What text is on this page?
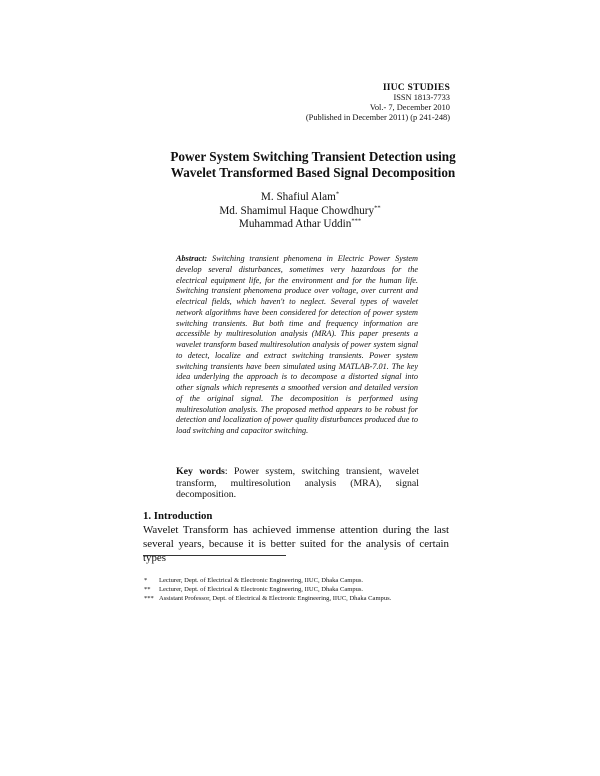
IIUC STUDIES
ISSN 1813-7733
Vol.- 7, December 2010
(Published in December 2011) (p 241-248)
Power System Switching Transient Detection using
Wavelet Transformed Based Signal Decomposition
M. Shafiul Alam*
Md. Shamimul Haque Chowdhury**
Muhammad Athar Uddin***
Abstract: Switching transient phenomena in Electric Power System develop several disturbances, sometimes very hazardous for the electrical equipment life, for the environment and for the human life. Switching transient phenomena produce over voltage, over current and electrical fields, which haven't to neglect. Several types of wavelet network algorithms have been considered for detection of power system switching transients. But both time and frequency information are accessible by multiresolution analysis (MRA). This paper presents a wavelet transform based multiresolution analysis of power system signal to detect, localize and extract switching transients. Power system switching transients have been simulated using MATLAB-7.01. The key idea underlying the approach is to decompose a distorted signal into other signals which represents a smoothed version and detailed version of the original signal. The decomposition is performed using multiresolution analysis. The proposed method appears to be robust for detection and localization of power quality disturbances produced due to load switching and capacitor switching.
Key words: Power system, switching transient, wavelet transform, multiresolution analysis (MRA), signal decomposition.
1. Introduction
Wavelet Transform has achieved immense attention during the last
several years, because it is better suited for the analysis of certain types
*	Lecturer, Dept. of Electrical & Electronic Engineering, IIUC, Dhaka Campus.
**	Lecturer, Dept. of Electrical & Electronic Engineering, IIUC, Dhaka Campus.
*** Assistant Professor, Dept. of Electrical & Electronic Engineering, IIUC, Dhaka Campus.
